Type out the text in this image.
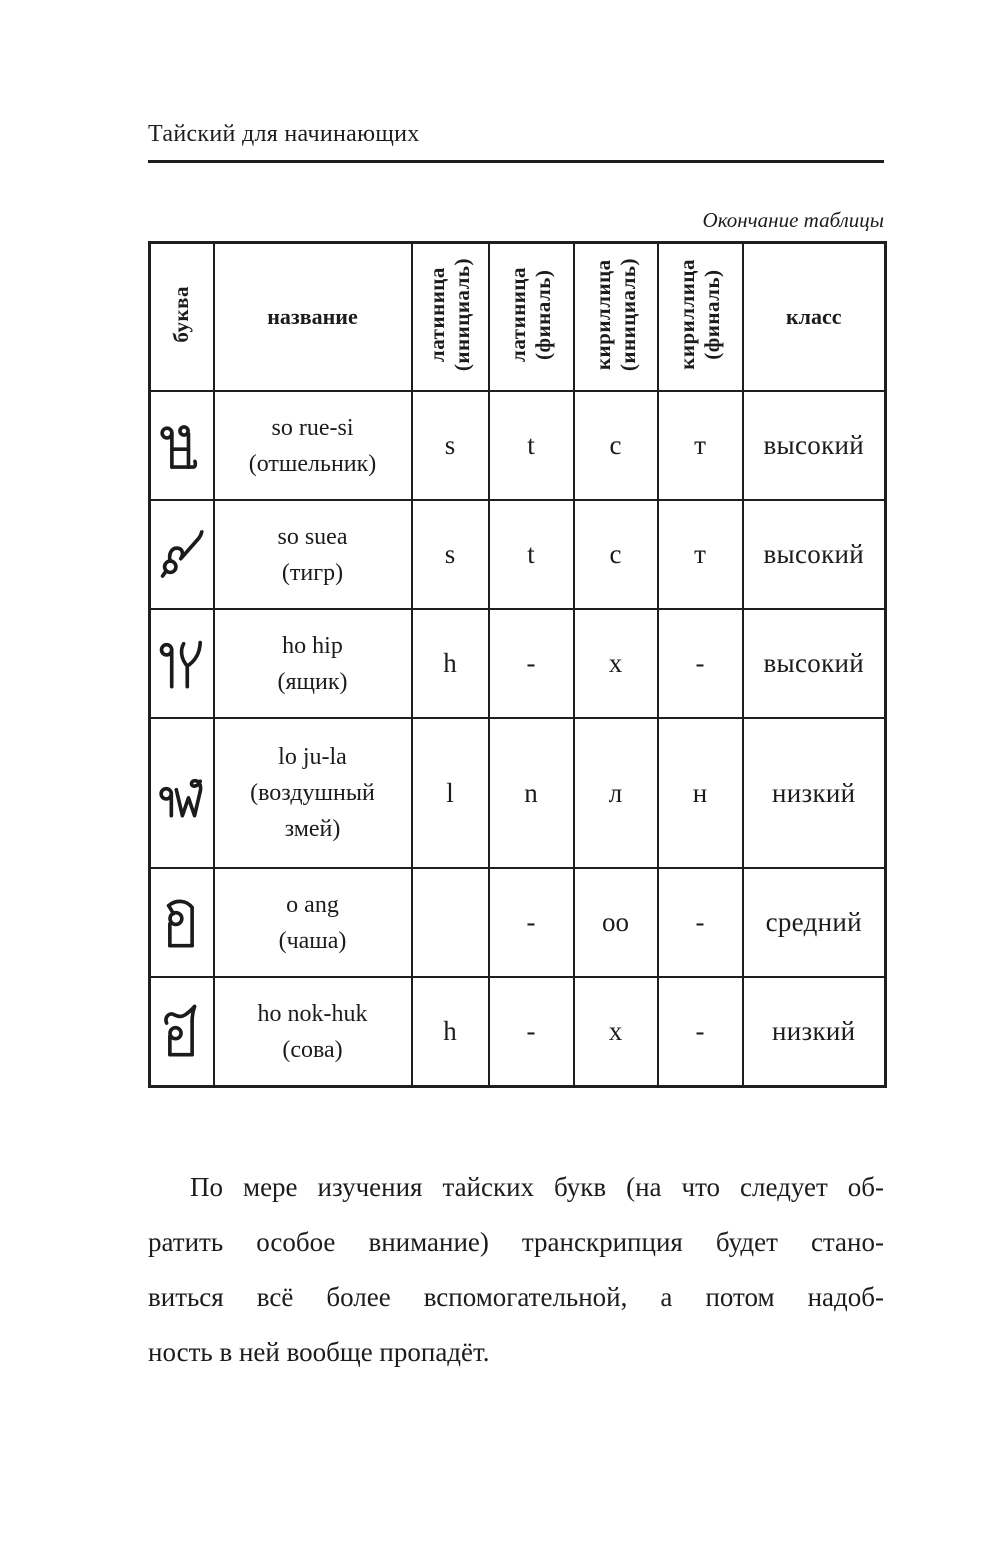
Тайский для начинающих
Окончание таблицы
буква	название	латиница (инициаль)	латиница (финаль)	кириллица (инициаль)	кириллица (финаль)	класс

so rue-si
(отшельник)	s	t	с	т	высокий

so suea
(тигр)	s	t	с	т	высокий

ho hip
(ящик)	h	-	х	-	высокий

lo ju-la
(воздушный
змей)	l	n	л	н	низкий

o ang
(чаша)		-	оо	-	средний

ho nok-huk
(сова)	h	-	х	-	низкий
По мере изучения тайских букв (на что следует об-
ратить особое внимание) транскрипция будет стано-
виться всё более вспомогательной, а потом надоб-
ность в ней вообще пропадёт.
